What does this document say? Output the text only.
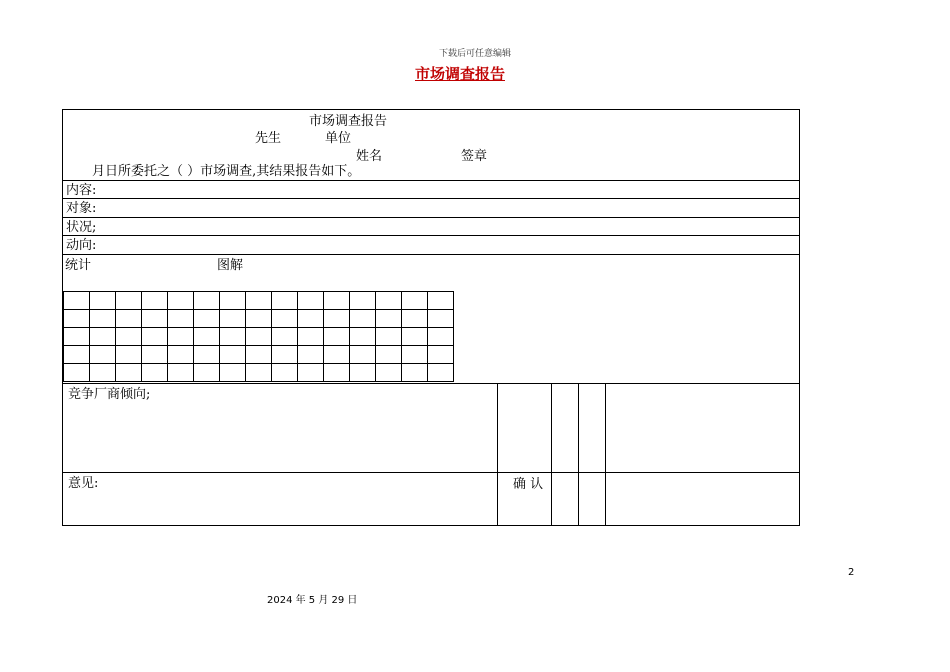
下载后可任意编辑
市场调查报告
市场调查报告
先生	单位
姓名	签章
月日所委托之（ ）市场调查,其结果报告如下。
内容:
对象:
状况;
动向:
统计	图解

竞争厂商倾向;
意见:	确 认
2
2024 年 5 月 29 日
